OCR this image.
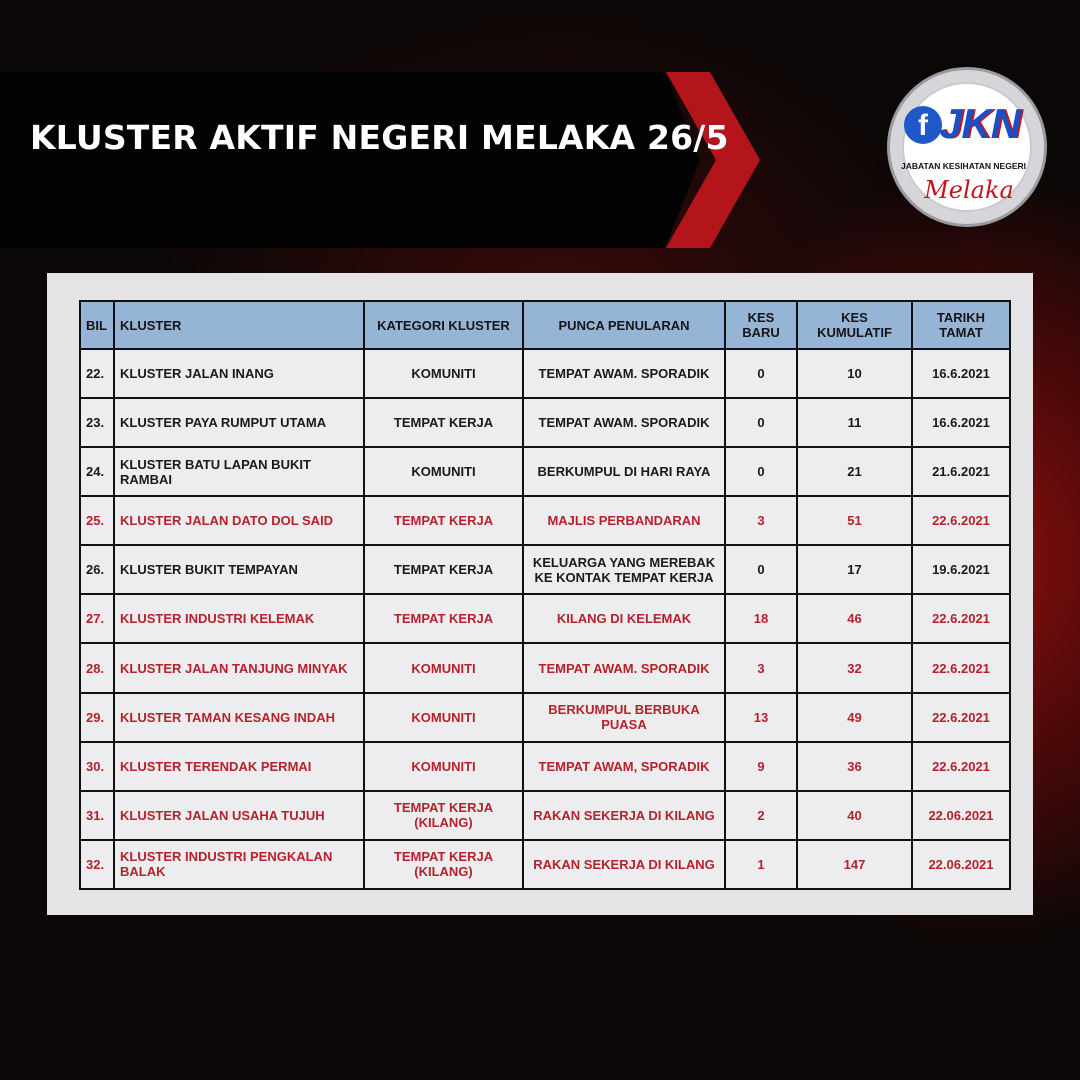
KLUSTER AKTIF NEGERI MELAKA 26/5	f JKN
JABATAN KESIHATAN NEGERI
Melaka
BIL	KLUSTER	KATEGORI KLUSTER	PUNCA PENULARAN	KES BARU	KES KUMULATIF	TARIKH TAMAT
22.	KLUSTER JALAN INANG	KOMUNITI	TEMPAT AWAM. SPORADIK	0	10	16.6.2021
23.	KLUSTER PAYA RUMPUT UTAMA	TEMPAT KERJA	TEMPAT AWAM. SPORADIK	0	11	16.6.2021
24.	KLUSTER BATU LAPAN BUKIT RAMBAI	KOMUNITI	BERKUMPUL DI HARI RAYA	0	21	21.6.2021
25.	KLUSTER JALAN DATO DOL SAID	TEMPAT KERJA	MAJLIS PERBANDARAN	3	51	22.6.2021
26.	KLUSTER BUKIT TEMPAYAN	TEMPAT KERJA	KELUARGA YANG MEREBAK KE KONTAK TEMPAT KERJA	0	17	19.6.2021
27.	KLUSTER INDUSTRI KELEMAK	TEMPAT KERJA	KILANG DI KELEMAK	18	46	22.6.2021
28.	KLUSTER JALAN TANJUNG MINYAK	KOMUNITI	TEMPAT AWAM. SPORADIK	3	32	22.6.2021
29.	KLUSTER TAMAN KESANG INDAH	KOMUNITI	BERKUMPUL BERBUKA PUASA	13	49	22.6.2021
30.	KLUSTER TERENDAK PERMAI	KOMUNITI	TEMPAT AWAM, SPORADIK	9	36	22.6.2021
31.	KLUSTER JALAN USAHA TUJUH	TEMPAT KERJA (KILANG)	RAKAN SEKERJA DI KILANG	2	40	22.06.2021
32.	KLUSTER INDUSTRI PENGKALAN BALAK	TEMPAT KERJA (KILANG)	RAKAN SEKERJA DI KILANG	1	147	22.06.2021
